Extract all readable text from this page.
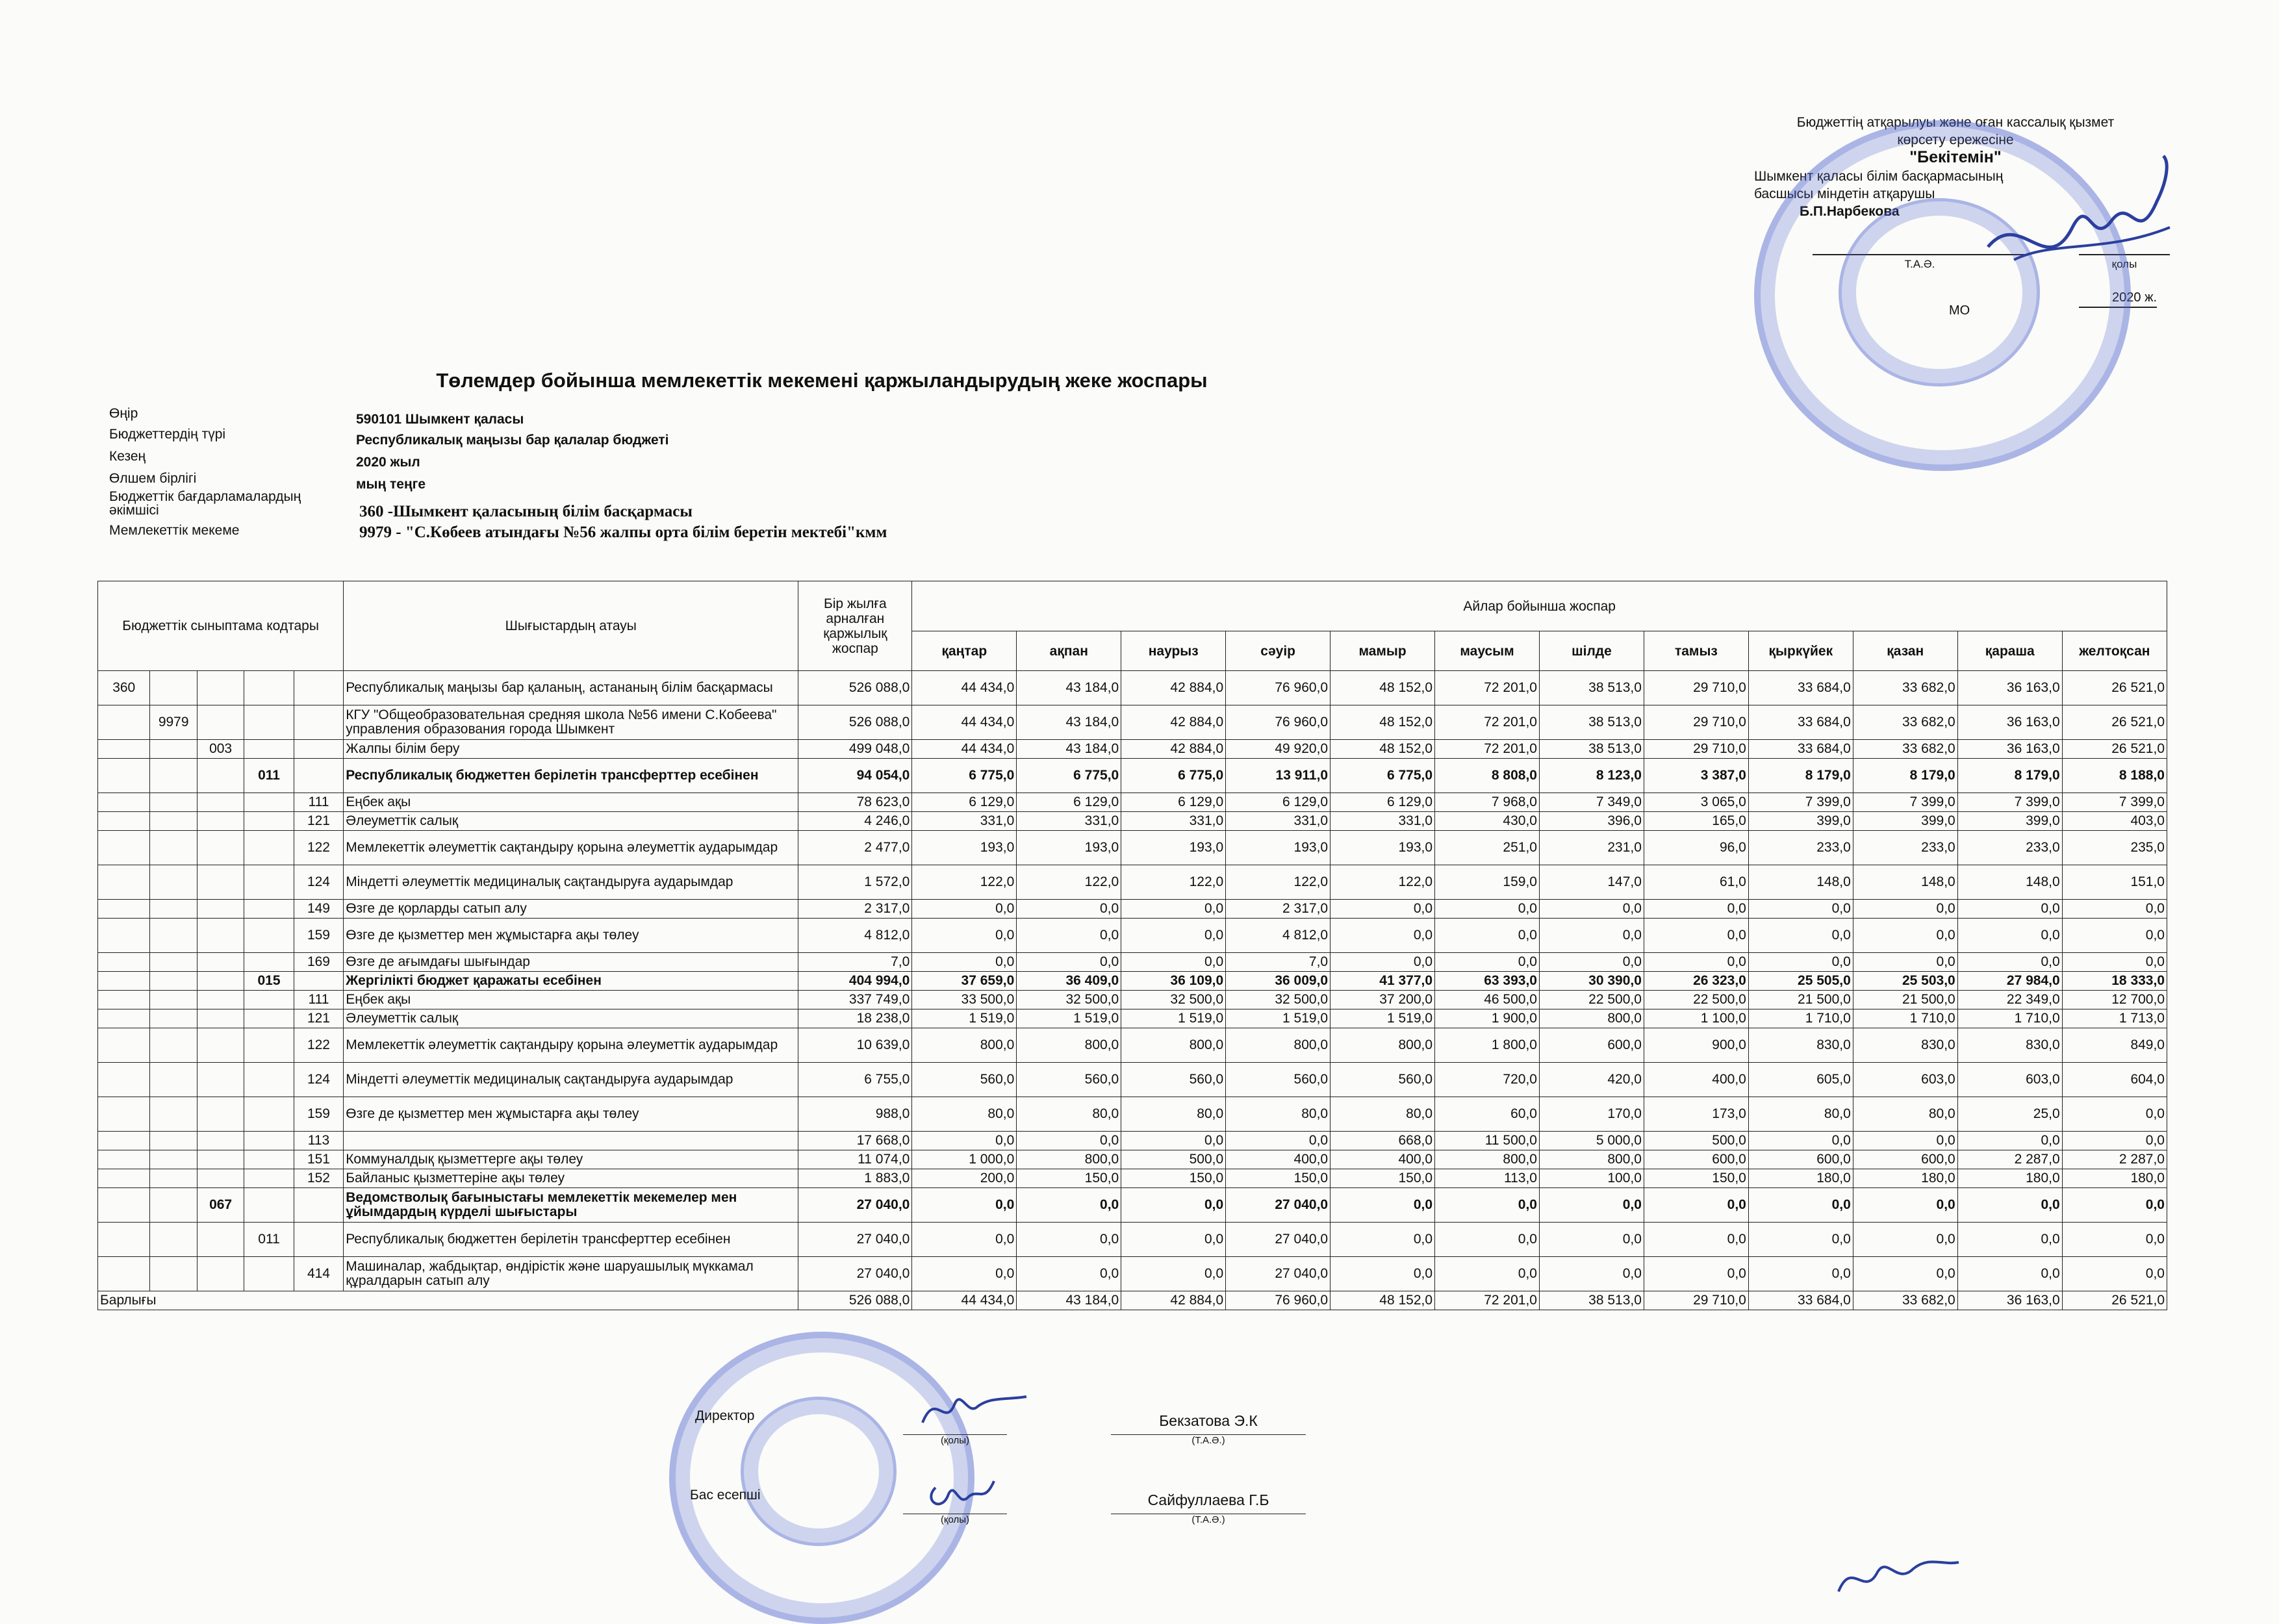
Бюджеттің атқарылуы және оған кассалық қызмет
көрсету ережесіне
"Бекітемін"
Шымкент қаласы білім басқармасының
басшысы міндетін атқарушы
Б.П.Нарбекова
Т.А.Ә.	қолы
2020 ж.
МО
Төлемдер бойынша мемлекеттік мекемені қаржыландырудың жеке жоспары
Өңір	590101 Шымкент қаласы
Бюджеттердің түрі	Республикалық маңызы бар қалалар бюджеті
Кезең	2020 жыл
Өлшем бірлігі	мың теңге
Бюджеттік бағдарламалардың әкімшісі	360 -Шымкент қаласының білім басқармасы
Мемлекеттік мекеме	9979 - "С.Көбеев атындағы №56 жалпы орта білім беретін мектебі"кмм
Бюджеттік сыныптама кодтары					Шығыстардың атауы	Бір жылға арналған қаржылық жоспар	Айлар бойынша жоспар											
							қаңтар	ақпан	наурыз	сәуір	мамыр	маусым	шілде	тамыз	қыркүйек	қазан	қараша	желтоқсан
360					Республикалық маңызы бар қаланың, астананың білім басқармасы	526 088,0	44 434,0	43 184,0	42 884,0	76 960,0	48 152,0	72 201,0	38 513,0	29 710,0	33 684,0	33 682,0	36 163,0	26 521,0
	9979				КГУ "Общеобразовательная средняя школа №56 имени С.Кобеева" управления образования города Шымкент	526 088,0	44 434,0	43 184,0	42 884,0	76 960,0	48 152,0	72 201,0	38 513,0	29 710,0	33 684,0	33 682,0	36 163,0	26 521,0
		003			Жалпы білім беру	499 048,0	44 434,0	43 184,0	42 884,0	49 920,0	48 152,0	72 201,0	38 513,0	29 710,0	33 684,0	33 682,0	36 163,0	26 521,0
			011		Республикалық бюджеттен берілетін трансферттер есебінен	94 054,0	6 775,0	6 775,0	6 775,0	13 911,0	6 775,0	8 808,0	8 123,0	3 387,0	8 179,0	8 179,0	8 179,0	8 188,0
				111	Еңбек ақы	78 623,0	6 129,0	6 129,0	6 129,0	6 129,0	6 129,0	7 968,0	7 349,0	3 065,0	7 399,0	7 399,0	7 399,0	7 399,0
				121	Әлеуметтік салық	4 246,0	331,0	331,0	331,0	331,0	331,0	430,0	396,0	165,0	399,0	399,0	399,0	403,0
				122	Мемлекеттік әлеуметтік сақтандыру қорына әлеуметтік аударымдар	2 477,0	193,0	193,0	193,0	193,0	193,0	251,0	231,0	96,0	233,0	233,0	233,0	235,0
				124	Міндетті әлеуметтік медициналық сақтандыруға аударымдар	1 572,0	122,0	122,0	122,0	122,0	122,0	159,0	147,0	61,0	148,0	148,0	148,0	151,0
				149	Өзге де қорларды сатып алу	2 317,0	0,0	0,0	0,0	2 317,0	0,0	0,0	0,0	0,0	0,0	0,0	0,0	0,0
				159	Өзге де қызметтер мен жұмыстарға ақы төлеу	4 812,0	0,0	0,0	0,0	4 812,0	0,0	0,0	0,0	0,0	0,0	0,0	0,0	0,0
				169	Өзге де ағымдағы шығындар	7,0	0,0	0,0	0,0	7,0	0,0	0,0	0,0	0,0	0,0	0,0	0,0	0,0
			015		Жергілікті бюджет қаражаты есебінен	404 994,0	37 659,0	36 409,0	36 109,0	36 009,0	41 377,0	63 393,0	30 390,0	26 323,0	25 505,0	25 503,0	27 984,0	18 333,0
				111	Еңбек ақы	337 749,0	33 500,0	32 500,0	32 500,0	32 500,0	37 200,0	46 500,0	22 500,0	22 500,0	21 500,0	21 500,0	22 349,0	12 700,0
				121	Әлеуметтік салық	18 238,0	1 519,0	1 519,0	1 519,0	1 519,0	1 519,0	1 900,0	800,0	1 100,0	1 710,0	1 710,0	1 710,0	1 713,0
				122	Мемлекеттік әлеуметтік сақтандыру қорына әлеуметтік аударымдар	10 639,0	800,0	800,0	800,0	800,0	800,0	1 800,0	600,0	900,0	830,0	830,0	830,0	849,0
				124	Міндетті әлеуметтік медициналық сақтандыруға аударымдар	6 755,0	560,0	560,0	560,0	560,0	560,0	720,0	420,0	400,0	605,0	603,0	603,0	604,0
				159	Өзге де қызметтер мен жұмыстарға ақы төлеу	988,0	80,0	80,0	80,0	80,0	80,0	60,0	170,0	173,0	80,0	80,0	25,0	0,0
				113		17 668,0	0,0	0,0	0,0	0,0	668,0	11 500,0	5 000,0	500,0	0,0	0,0	0,0	0,0
				151	Коммуналдық қызметтерге ақы төлеу	11 074,0	1 000,0	800,0	500,0	400,0	400,0	800,0	800,0	600,0	600,0	600,0	2 287,0	2 287,0
				152	Байланыс қызметтеріне ақы төлеу	1 883,0	200,0	150,0	150,0	150,0	150,0	113,0	100,0	150,0	180,0	180,0	180,0	180,0
		067			Ведомстволық бағыныстағы мемлекеттік мекемелер мен ұйымдардың күрделі шығыстары	27 040,0	0,0	0,0	0,0	27 040,0	0,0	0,0	0,0	0,0	0,0	0,0	0,0	0,0
			011		Республикалық бюджеттен берілетін трансферттер есебінен	27 040,0	0,0	0,0	0,0	27 040,0	0,0	0,0	0,0	0,0	0,0	0,0	0,0	0,0
				414	Машиналар, жабдықтар, өндірістік және шаруашылық мүккамал құралдарын сатып алу	27 040,0	0,0	0,0	0,0	27 040,0	0,0	0,0	0,0	0,0	0,0	0,0	0,0	0,0
Барлығы						526 088,0	44 434,0	43 184,0	42 884,0	76 960,0	48 152,0	72 201,0	38 513,0	29 710,0	33 684,0	33 682,0	36 163,0	26 521,0
Директор
(қолы)
Бекзатова Э.К
(Т.А.Ә.)
Бас есепші
(қолы)
Сайфуллаева Г.Б
(Т.А.Ә.)
